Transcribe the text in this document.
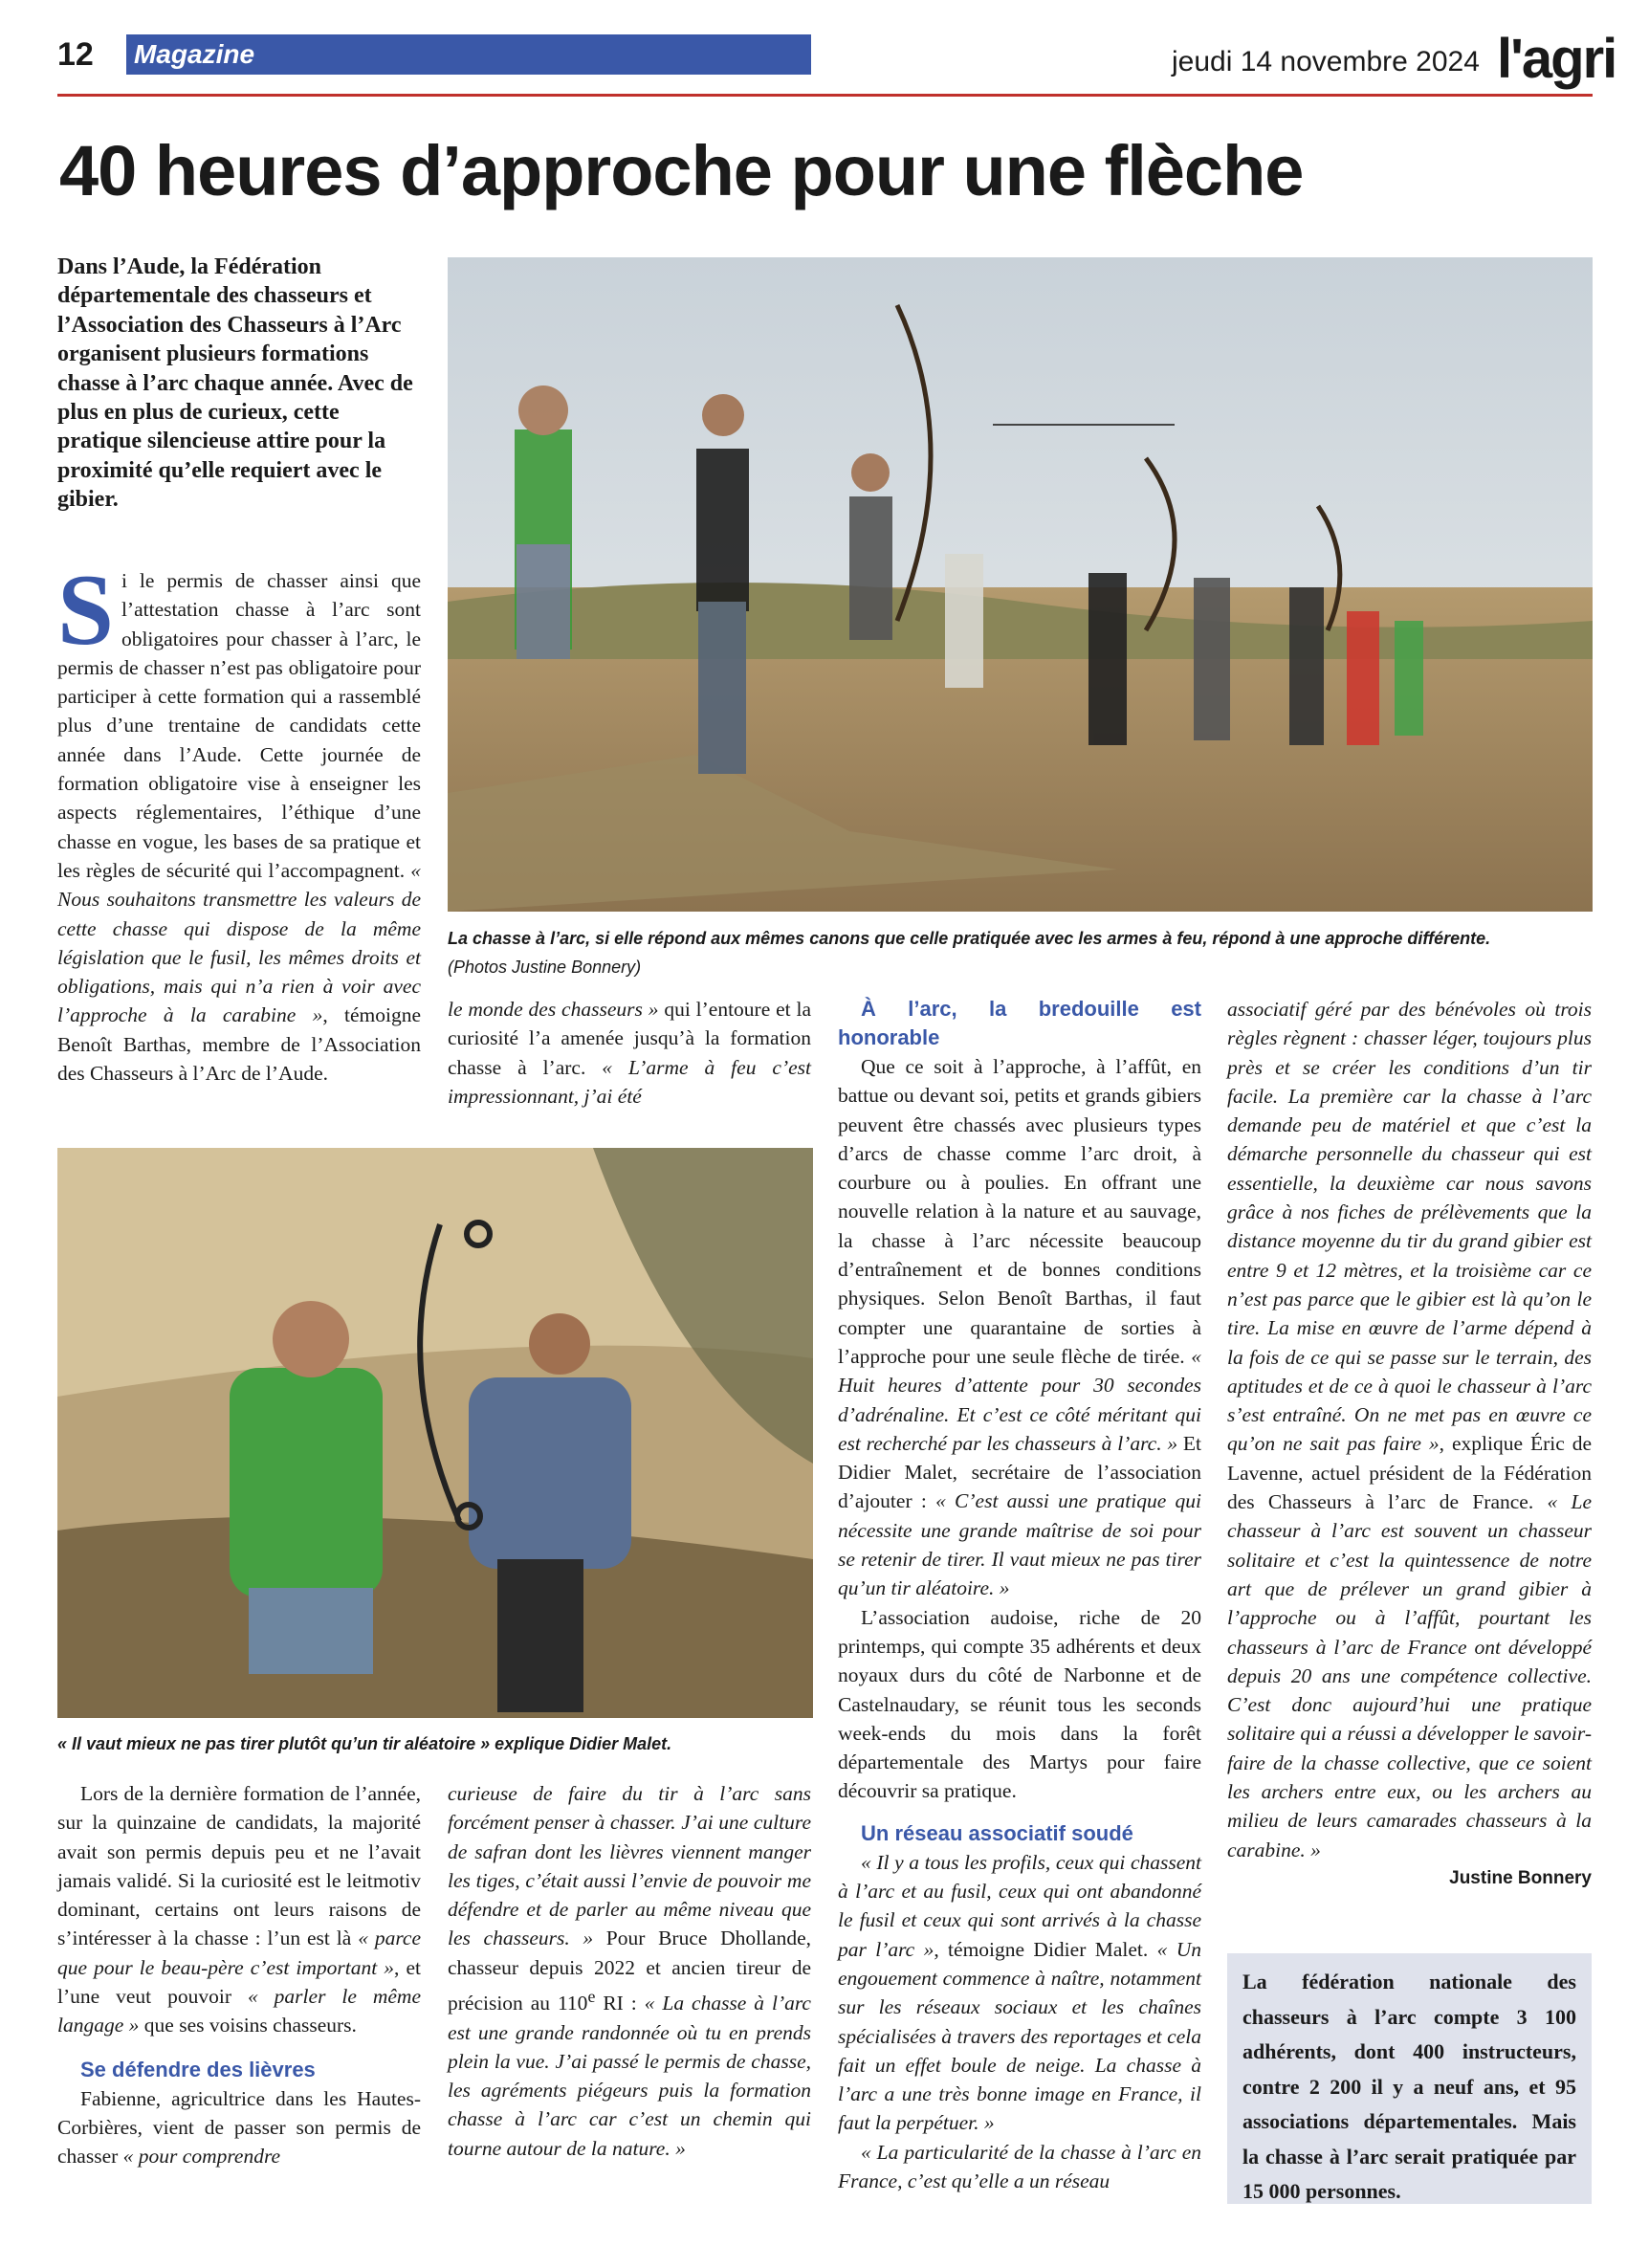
12 Magazine	jeudi 14 novembre 2024 l'agri
40 heures d’approche pour une flèche
Dans l’Aude, la Fédération départementale des chasseurs et l’Association des Chasseurs à l’Arc organisent plusieurs formations chasse à l’arc chaque année. Avec de plus en plus de curieux, cette pratique silencieuse attire pour la proximité qu’elle requiert avec le gibier.
La chasse à l’arc, si elle répond aux mêmes canons que celle pratiquée avec les armes à feu, répond à une approche différente.
(Photos Justine Bonnery)

Si le permis de chasser ainsi que l’attestation chasse à l’arc sont obligatoires pour chasser à l’arc, le permis de chasser n’est pas obligatoire pour participer à cette formation qui a rassemblé plus d’une trentaine de candidats cette année dans l’Aude. Cette journée de formation obligatoire vise à enseigner les aspects réglementaires, l’éthique d’une chasse en vogue, les bases de sa pratique et les règles de sécurité qui l’accompagnent. « Nous souhaitons transmettre les valeurs de cette chasse qui dispose de la même législation que le fusil, les mêmes droits et obligations, mais qui n’a rien à voir avec l’approche à la carabine », témoigne Benoît Barthas, membre de l’Association des Chasseurs à l’Arc de l’Aude.

le monde des chasseurs » qui l’entoure et la curiosité l’a amenée jusqu’à la formation chasse à l’arc. « L’arme à feu c’est impressionnant, j’ai été

« Il vaut mieux ne pas tirer plutôt qu’un tir aléatoire » explique Didier Malet.

Lors de la dernière formation de l’année, sur la quinzaine de candidats, la majorité avait son permis depuis peu et ne l’avait jamais validé. Si la curiosité est le leitmotiv dominant, certains ont leurs raisons de s’intéresser à la chasse : l’un est là « parce que pour le beau-père c’est important », et l’une veut pouvoir « parler le même langage » que ses voisins chasseurs.

Se défendre des lièvres

Fabienne, agricultrice dans les Hautes-Corbières, vient de passer son permis de chasser « pour comprendre

curieuse de faire du tir à l’arc sans forcément penser à chasser. J’ai une culture de safran dont les lièvres viennent manger les tiges, c’était aussi l’envie de pouvoir me défendre et de parler au même niveau que les chasseurs. » Pour Bruce Dhollande, chasseur depuis 2022 et ancien tireur de précision au 110e RI : « La chasse à l’arc est une grande randonnée où tu en prends plein la vue. J’ai passé le permis de chasse, les agréments piégeurs puis la formation chasse à l’arc car c’est un chemin qui tourne autour de la nature. »

À l’arc, la bredouille est honorable

Que ce soit à l’approche, à l’affût, en battue ou devant soi, petits et grands gibiers peuvent être chassés avec plusieurs types d’arcs de chasse comme l’arc droit, à courbure ou à poulies. En offrant une nouvelle relation à la nature et au sauvage, la chasse à l’arc nécessite beaucoup d’entraînement et de bonnes conditions physiques. Selon Benoît Barthas, il faut compter une quarantaine de sorties à l’approche pour une seule flèche de tirée. « Huit heures d’attente pour 30 secondes d’adrénaline. Et c’est ce côté méritant qui est recherché par les chasseurs à l’arc. » Et Didier Malet, secrétaire de l’association d’ajouter : « C’est aussi une pratique qui nécessite une grande maîtrise de soi pour se retenir de tirer. Il vaut mieux ne pas tirer qu’un tir aléatoire. »

L’association audoise, riche de 20 printemps, qui compte 35 adhérents et deux noyaux durs du côté de Narbonne et de Castelnaudary, se réunit tous les seconds week-ends du mois dans la forêt départementale des Martys pour faire découvrir sa pratique.

Un réseau associatif soudé

« Il y a tous les profils, ceux qui chassent à l’arc et au fusil, ceux qui ont abandonné le fusil et ceux qui sont arrivés à la chasse par l’arc », témoigne Didier Malet. « Un engouement commence à naître, notamment sur les réseaux sociaux et les chaînes spécialisées à travers des reportages et cela fait un effet boule de neige. La chasse à l’arc a une très bonne image en France, il faut la perpétuer. »

« La particularité de la chasse à l’arc en France, c’est qu’elle a un réseau

associatif géré par des bénévoles où trois règles règnent : chasser léger, toujours plus près et se créer les conditions d’un tir facile. La première car la chasse à l’arc demande peu de matériel et que c’est la démarche personnelle du chasseur qui est essentielle, la deuxième car nous savons grâce à nos fiches de prélèvements que la distance moyenne du tir du grand gibier est entre 9 et 12 mètres, et la troisième car ce n’est pas parce que le gibier est là qu’on le tire. La mise en œuvre de l’arme dépend à la fois de ce qui se passe sur le terrain, des aptitudes et de ce à quoi le chasseur à l’arc s’est entraîné. On ne met pas en œuvre ce qu’on ne sait pas faire », explique Éric de Lavenne, actuel président de la Fédération des Chasseurs à l’arc de France. « Le chasseur à l’arc est souvent un chasseur solitaire et c’est la quintessence de notre art que de prélever un grand gibier à l’approche ou à l’affût, pourtant les chasseurs à l’arc de France ont développé depuis 20 ans une compétence collective. C’est donc aujourd’hui une pratique solitaire qui a réussi a développer le savoir-faire de la chasse collective, que ce soient les archers entre eux, ou les archers au milieu de leurs camarades chasseurs à la carabine. »

Justine Bonnery
La fédération nationale des chasseurs à l’arc compte 3 100 adhérents, dont 400 instructeurs, contre 2 200 il y a neuf ans, et 95 associations départementales. Mais la chasse à l’arc serait pratiquée par 15 000 personnes.
